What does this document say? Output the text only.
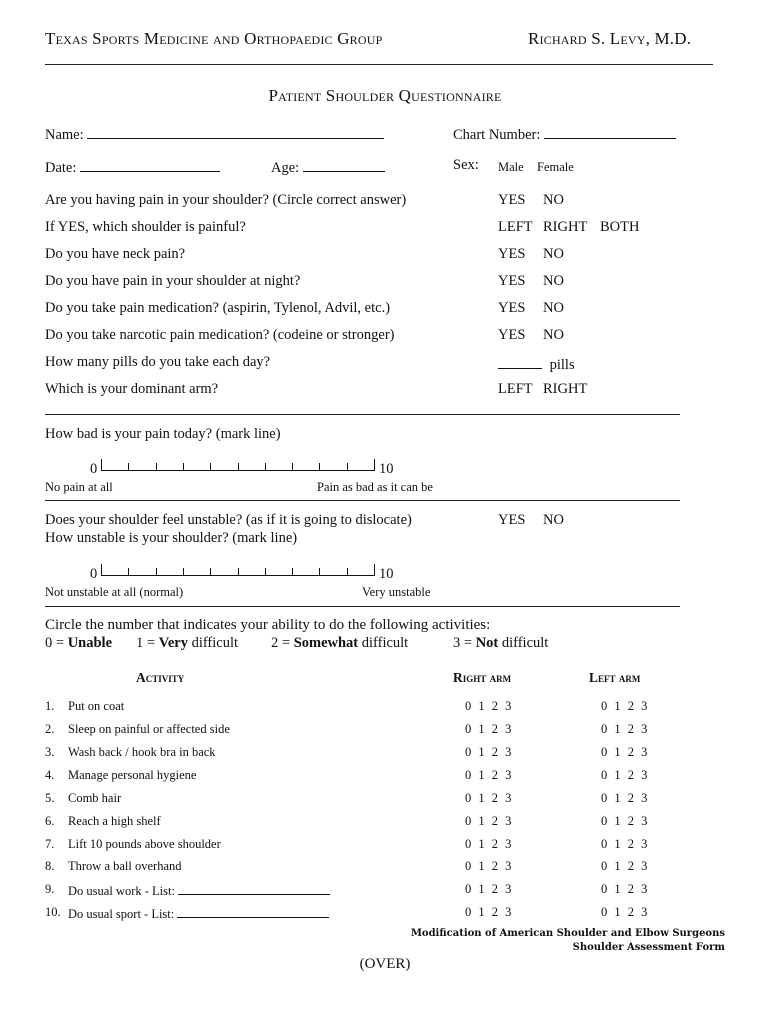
Texas Sports Medicine and Orthopaedic Group	Richard S. Levy, M.D.
Patient Shoulder Questionnaire
Name:	Chart Number:
Date:	Age:	Sex: Male Female
Are you having pain in your shoulder? (Circle correct answer)	YES NO
If YES, which shoulder is painful?	LEFT RIGHT BOTH
Do you have neck pain?	YES NO
Do you have pain in your shoulder at night?	YES NO
Do you take pain medication? (aspirin, Tylenol, Advil, etc.)	YES NO
Do you take narcotic pain medication? (codeine or stronger)	YES NO
How many pills do you take each day?	pills
Which is your dominant arm?	LEFT RIGHT
How bad is your pain today? (mark line)
0	10
No pain at all	Pain as bad as it can be
Does your shoulder feel unstable? (as if it is going to dislocate)	YES NO
How unstable is your shoulder? (mark line)
0	10
Not unstable at all (normal)	Very unstable
Circle the number that indicates your ability to do the following activities:
0 = Unable 1 = Very difficult 2 = Somewhat difficult	3 = Not difficult
Activity	Right arm	Left arm
1. Put on coat	0 1 2 3	0 1 2 3
2. Sleep on painful or affected side	0 1 2 3	0 1 2 3
3. Wash back / hook bra in back	0 1 2 3	0 1 2 3
4. Manage personal hygiene	0 1 2 3	0 1 2 3
5. Comb hair	0 1 2 3	0 1 2 3
6. Reach a high shelf	0 1 2 3	0 1 2 3
7. Lift 10 pounds above shoulder	0 1 2 3	0 1 2 3
8. Throw a ball overhand	0 1 2 3	0 1 2 3
9. Do usual work - List:	0 1 2 3	0 1 2 3
10. Do usual sport - List:	0 1 2 3	0 1 2 3
Modification of American Shoulder and Elbow Surgeons
Shoulder Assessment Form
(OVER)
